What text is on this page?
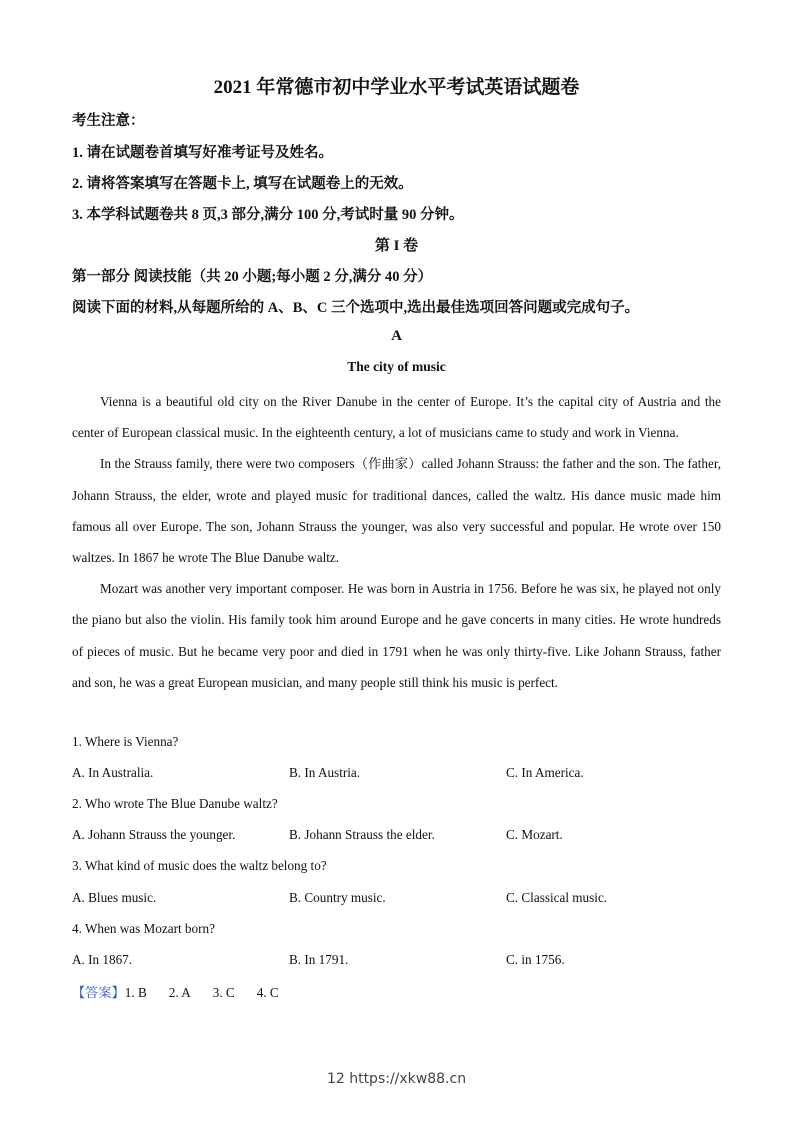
2021 年常德市初中学业水平考试英语试题卷
考生注意：
1. 请在试题卷首填写好准考证号及姓名。
2. 请将答案填写在答题卡上, 填写在试题卷上的无效。
3. 本学科试题卷共 8 页,3 部分,满分 100 分,考试时量 90 分钟。
第 I 卷
第一部分 阅读技能（共 20 小题;每小题 2 分,满分 40 分）
阅读下面的材料,从每题所给的 A、B、C 三个选项中,选出最佳选项回答问题或完成句子。
A
The city of music

Vienna is a beautiful old city on the River Danube in the center of Europe. It’s the capital city of Austria and the center of European classical music. In the eighteenth century, a lot of musicians came to study and work in Vienna.

In the Strauss family, there were two composers（作曲家）called Johann Strauss: the father and the son. The father, Johann Strauss, the elder, wrote and played music for traditional dances, called the waltz. His dance music made him famous all over Europe. The son, Johann Strauss the younger, was also very successful and popular. He wrote over 150 waltzes. In 1867 he wrote The Blue Danube waltz.

Mozart was another very important composer. He was born in Austria in 1756. Before he was six, he played not only the piano but also the violin. His family took him around Europe and he gave concerts in many cities. He wrote hundreds of pieces of music. But he became very poor and died in 1791 when he was only thirty-five. Like Johann Strauss, father and son, he was a great European musician, and many people still think his music is perfect.

1. Where is Vienna?
A. In Australia.	B. In Austria.	C. In America.
2. Who wrote The Blue Danube waltz?
A. Johann Strauss the younger.	B. Johann Strauss the elder.	C. Mozart.
3. What kind of music does the waltz belong to?
A. Blues music.	B. Country music.	C. Classical music.
4. When was Mozart born?
A. In 1867.	B. In 1791.	C. in 1756.
【答案】1. B 2. A 3. C 4. C
12 https://xkw88.cn
